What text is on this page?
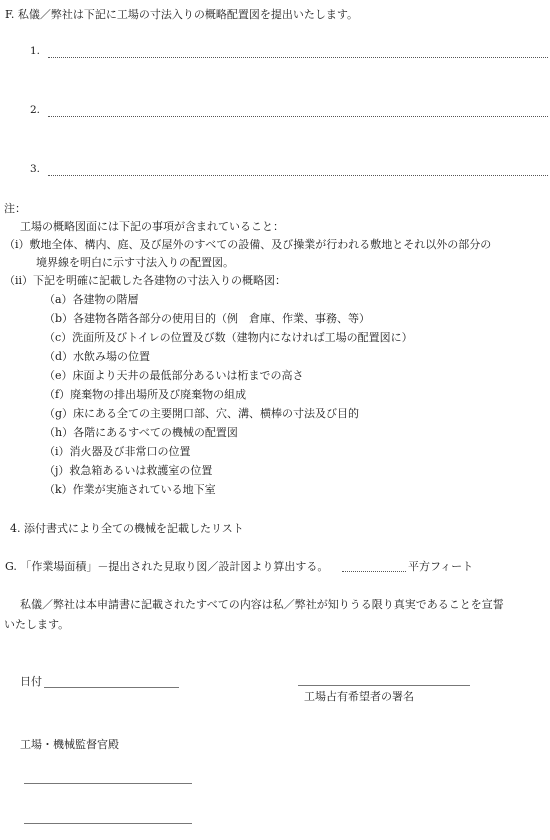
F. 私儀／弊社は下記に工場の寸法入りの概略配置図を提出いたします。
1.
2.
3.
注：
工場の概略図面には下記の事項が含まれていること：
（i）敷地全体、構内、庭、及び屋外のすべての設備、及び操業が行われる敷地とそれ以外の部分の
境界線を明白に示す寸法入りの配置図。
（ii）下記を明確に記載した各建物の寸法入りの概略図：
（a）各建物の階層
（b）各建物各階各部分の使用目的（例　倉庫、作業、事務、等）
（c）洗面所及びトイレの位置及び数（建物内になければ工場の配置図に）
（d）水飲み場の位置
（e）床面より天井の最低部分あるいは桁までの高さ
（f）廃棄物の排出場所及び廃棄物の組成
（g）床にある全ての主要開口部、穴、溝、横棒の寸法及び目的
（h）各階にあるすべての機械の配置図
（i）消火器及び非常口の位置
（j）救急箱あるいは救護室の位置
（k）作業が実施されている地下室
4. 添付書式により全ての機械を記載したリスト
G. 「作業場面積」－提出された見取り図／設計図より算出する。	平方フィート
私儀／弊社は本申請書に記載されたすべての内容は私／弊社が知りうる限り真実であることを宣誓
いたします。
日付
工場占有希望者の署名
工場・機械監督官殿
